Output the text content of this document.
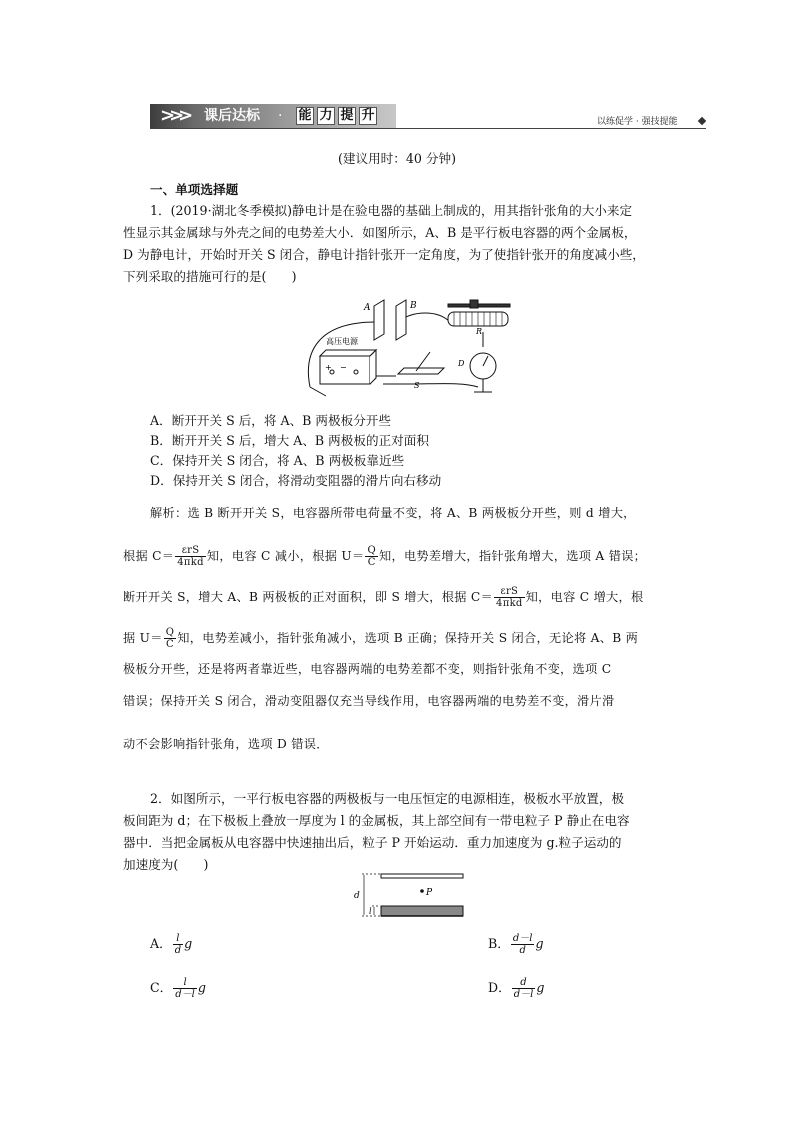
>>> 课后达标 · 能 力 提 升	以练促学 · 强技提能
(建议用时：40 分钟)
一、单项选择题
1．(2019·湖北冬季模拟)静电计是在验电器的基础上制成的，用其指针张角的大小来定
性显示其金属球与外壳之间的电势差大小．如图所示，A、B 是平行板电容器的两个金属板，
D 为静电计，开始时开关 S 闭合，静电计指针张开一定角度，为了使指针张开的角度减小些，
下列采取的措施可行的是(　　)
A	B
R
高压电源
+ −
S
D
A．断开开关 S 后，将 A、B 两极板分开些
B．断开开关 S 后，增大 A、B 两极板的正对面积
C．保持开关 S 闭合，将 A、B 两极板靠近些
D．保持开关 S 闭合，将滑动变阻器的滑片向右移动
解析：选 B 断开开关 S，电容器所带电荷量不变，将 A、B 两极板分开些，则 d 增大，
根据 $C= \frac{\text{εrS}}{\text{4πkd}}$ 知，电容 C 减小，根据 $U= \frac{Q}{C}$ 知，电势差增大，指针张角增大，选项 A 错误；
断开开关 S，增大 A、B 两极板的正对面积，即 S 增大，根据 $C= \frac{\text{εrS}}{\text{4πkd}}$ 知，电容 C 增大，根
据 $U= \frac{Q}{C}$ 知，电势差减小，指针张角减小，选项 B 正确；保持开关 S 闭合，无论将 A、B 两
极板分开些，还是将两者靠近些，电容器两端的电势差都不变，则指针张角不变，选项 C
错误；保持开关 S 闭合，滑动变阻器仅充当导线作用，电容器两端的电势差不变，滑片滑
动不会影响指针张角，选项 D 错误．
2．如图所示，一平行板电容器的两极板与一电压恒定的电源相连，极板水平放置，极
板间距为 d；在下极板上叠放一厚度为 l 的金属板，其上部空间有一带电粒子 P 静止在电容
器中．当把金属板从电容器中快速抽出后，粒子 P 开始运动．重力加速度为 g.粒子运动的
加速度为(　　)
P
d
l
A． $\frac{l}{d}$ g	B． $\frac{d-l}{d}$ g
C． $\frac{l}{d-l}$ g	D． $\frac{d}{d-l}$ g
